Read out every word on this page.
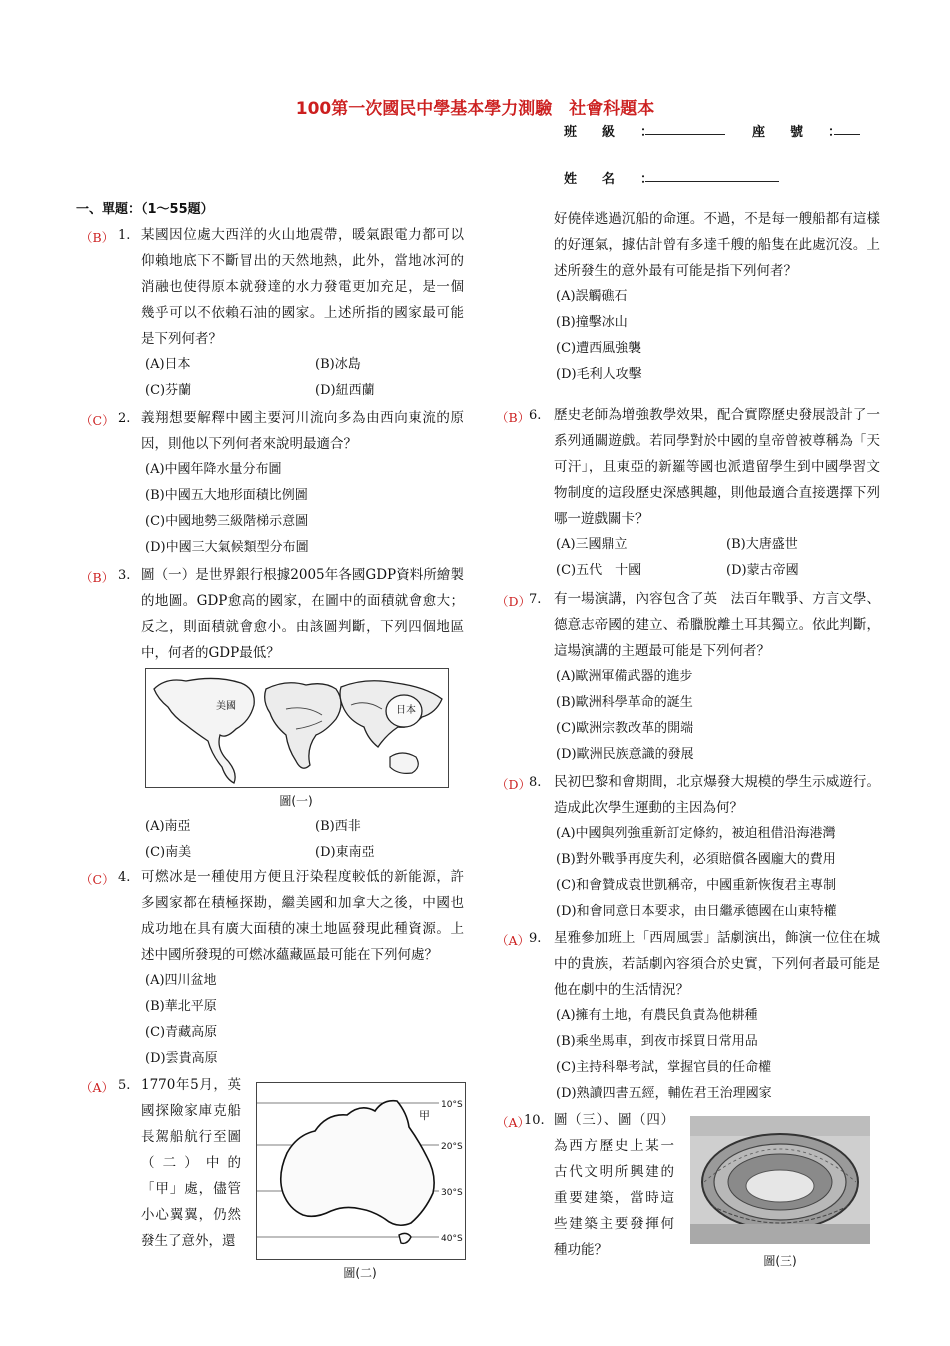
100第一次國民中學基本學力測驗　社會科題本
班　級　：	座　號　：
姓　名　：
一、單題：（1～55題）
（B） 1. 某國因位處大西洋的火山地震帶，暖氣跟電力都可以仰賴地底下不斷冒出的天然地熱，此外，當地冰河的消融也使得原本就發達的水力發電更加充足，是一個幾乎可以不依賴石油的國家。上述所指的國家最可能是下列何者？
(A)日本	(B)冰島
(C)芬蘭	(D)紐西蘭
（C） 2. 義翔想要解釋中國主要河川流向多為由西向東流的原因，則他以下列何者來說明最適合？
(A)中國年降水量分布圖
(B)中國五大地形面積比例圖
(C)中國地勢三級階梯示意圖
(D)中國三大氣候類型分布圖
（B） 3. 圖（一）是世界銀行根據2005年各國GDP資料所繪製的地圖。GDP愈高的國家，在圖中的面積就會愈大；反之，則面積就會愈小。由該圖判斷，下列四個地區中，何者的GDP最低？
美國	日本
圖(一)
(A)南亞	(B)西非
(C)南美	(D)東南亞
（C） 4. 可燃冰是一種使用方便且汙染程度較低的新能源，許多國家都在積極探勘，繼美國和加拿大之後，中國也成功地在具有廣大面積的凍土地區發現此種資源。上述中國所發現的可燃冰蘊藏區最可能在下列何處？
(A)四川盆地
(B)華北平原
(C)青藏高原
(D)雲貴高原
（A） 5. 1770年5月，英國探險家庫克船長駕船航行至圖（二）中的「甲」處，儘管小心翼翼，仍然發生了意外，還
甲
10°S
20°S
30°S
40°S
圖(二)
好僥倖逃過沉船的命運。不過，不是每一艘船都有這樣的好運氣，據估計曾有多達千艘的船隻在此處沉沒。上述所發生的意外最有可能是指下列何者？
(A)誤觸礁石
(B)撞擊冰山
(C)遭西風強襲
(D)毛利人攻擊
（B）
6. 歷史老師為增強教學效果，配合實際歷史發展設計了一系列通關遊戲。若同學對於中國的皇帝曾被尊稱為「天可汗」，且東亞的新羅等國也派遣留學生到中國學習文物制度的這段歷史深感興趣，則他最適合直接選擇下列哪一遊戲關卡？
(A)三國鼎立	(B)大唐盛世
(C)五代　十國	(D)蒙古帝國
（D）
7. 有一場演講，內容包含了英　法百年戰爭、方言文學、德意志帝國的建立、希臘脫離土耳其獨立。依此判斷，這場演講的主題最可能是下列何者？
(A)歐洲軍備武器的進步
(B)歐洲科學革命的誕生
(C)歐洲宗教改革的開端
(D)歐洲民族意識的發展
（D）
8. 民初巴黎和會期間，北京爆發大規模的學生示威遊行。造成此次學生運動的主因為何？
(A)中國與列強重新訂定條約，被迫租借沿海港灣
(B)對外戰爭再度失利，必須賠償各國龐大的費用
(C)和會贊成袁世凱稱帝，中國重新恢復君主專制
(D)和會同意日本要求，由日繼承德國在山東特權
（A）
9. 星雅參加班上「西周風雲」話劇演出，飾演一位住在城中的貴族，若話劇內容須合於史實，下列何者最可能是他在劇中的生活情況？
(A)擁有土地，有農民負責為他耕種
(B)乘坐馬車，到夜市採買日常用品
(C)主持科舉考試，掌握官員的任命權
(D)熟讀四書五經，輔佐君王治理國家
（A）
10. 圖（三）、圖（四）為西方歷史上某一古代文明所興建的重要建築，當時這些建築主要發揮何種功能？
圖(三)
